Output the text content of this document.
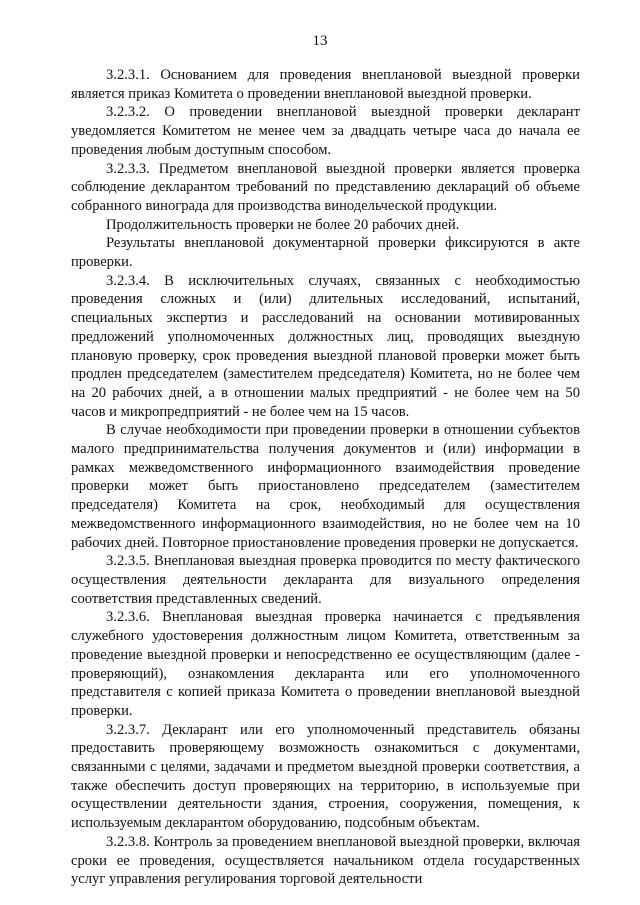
13

3.2.3.1. Основанием для проведения внеплановой выездной проверки является приказ Комитета о проведении внеплановой выездной проверки.

3.2.3.2. О проведении внеплановой выездной проверки декларант уведомляется Комитетом не менее чем за двадцать четыре часа до начала ее проведения любым доступным способом.

3.2.3.3. Предметом внеплановой выездной проверки является проверка соблюдение декларантом требований по представлению деклараций об объеме собранного винограда для производства винодельческой продукции.

Продолжительность проверки не более 20 рабочих дней.

Результаты внеплановой документарной проверки фиксируются в акте проверки.

3.2.3.4. В исключительных случаях, связанных с необходимостью проведения сложных и (или) длительных исследований, испытаний, специальных экспертиз и расследований на основании мотивированных предложений уполномоченных должностных лиц, проводящих выездную плановую проверку, срок проведения выездной плановой проверки может быть продлен председателем (заместителем председателя) Комитета, но не более чем на 20 рабочих дней, а в отношении малых предприятий - не более чем на 50 часов и микропредприятий - не более чем на 15 часов.

В случае необходимости при проведении проверки в отношении субъектов малого предпринимательства получения документов и (или) информации в рамках межведомственного информационного взаимодействия проведение проверки может быть приостановлено председателем (заместителем председателя) Комитета на срок, необходимый для осуществления межведомственного информационного взаимодействия, но не более чем на 10 рабочих дней. Повторное приостановление проведения проверки не допускается.

3.2.3.5. Внеплановая выездная проверка проводится по месту фактического осуществления деятельности декларанта для визуального определения соответствия представленных сведений.

3.2.3.6. Внеплановая выездная проверка начинается с предъявления служебного удостоверения должностным лицом Комитета, ответственным за проведение выездной проверки и непосредственно ее осуществляющим (далее - проверяющий), ознакомления декларанта или его уполномоченного представителя с копией приказа Комитета о проведении внеплановой выездной проверки.

3.2.3.7. Декларант или его уполномоченный представитель обязаны предоставить проверяющему возможность ознакомиться с документами, связанными с целями, задачами и предметом выездной проверки соответствия, а также обеспечить доступ проверяющих на территорию, в используемые при осуществлении деятельности здания, строения, сооружения, помещения, к используемым декларантом оборудованию, подсобным объектам.

3.2.3.8. Контроль за проведением внеплановой выездной проверки, включая сроки ее проведения, осуществляется начальником отдела государственных услуг управления регулирования торговой деятельности
